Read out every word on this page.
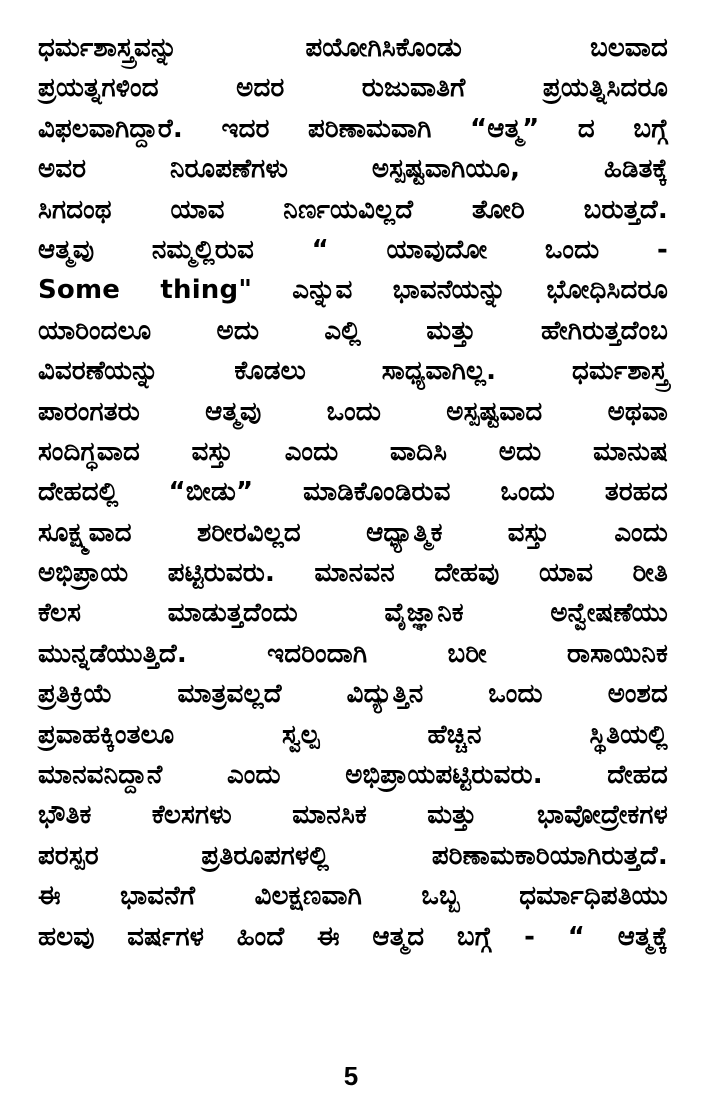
ಧರ್ಮಶಾಸ್ತ್ರವನ್ನು ಪಯೋಗಿಸಿಕೊಂಡು ಬಲವಾದ
ಪ್ರಯತ್ನಗಳಿಂದ ಅದರ ರುಜುವಾತಿಗೆ ಪ್ರಯತ್ನಿಸಿದರೂ
ವಿಫಲವಾಗಿದ್ದಾರೆ. ಇದರ ಪರಿಣಾಮವಾಗಿ “ಆತ್ಮ” ದ ಬಗ್ಗೆ
ಅವರ ನಿರೂಪಣೆಗಳು ಅಸ್ಪಷ್ಟವಾಗಿಯೂ, ಹಿಡಿತಕ್ಕೆ
ಸಿಗದಂಥ ಯಾವ ನಿರ್ಣಯವಿಲ್ಲದೆ ತೋರಿ ಬರುತ್ತದೆ.
ಆತ್ಮವು ನಮ್ಮಲ್ಲಿರುವ “ ಯಾವುದೋ ಒಂದು -
Some thing" ಎನ್ನುವ ಭಾವನೆಯನ್ನು ಭೋಧಿಸಿದರೂ
ಯಾರಿಂದಲೂ ಅದು ಎಲ್ಲಿ ಮತ್ತು ಹೇಗಿರುತ್ತದೆಂಬ
ವಿವರಣೆಯನ್ನು ಕೊಡಲು ಸಾಧ್ಯವಾಗಿಲ್ಲ. ಧರ್ಮಶಾಸ್ತ್ರ
ಪಾರಂಗತರು ಆತ್ಮವು ಒಂದು ಅಸ್ಪಷ್ಟವಾದ ಅಥವಾ
ಸಂದಿಗ್ಧವಾದ ವಸ್ತು ಎಂದು ವಾದಿಸಿ ಅದು ಮಾನುಷ
ದೇಹದಲ್ಲಿ “ಬೀಡು” ಮಾಡಿಕೊಂಡಿರುವ ಒಂದು ತರಹದ
ಸೂಕ್ಷ್ಮವಾದ ಶರೀರವಿಲ್ಲದ ಆಧ್ಯಾತ್ಮಿಕ ವಸ್ತು ಎಂದು
ಅಭಿಪ್ರಾಯ ಪಟ್ಟಿರುವರು. ಮಾನವನ ದೇಹವು ಯಾವ ರೀತಿ
ಕೆಲಸ ಮಾಡುತ್ತದೆಂದು ವೈಜ್ಞಾನಿಕ ಅನ್ವೇಷಣೆಯು
ಮುನ್ನಡೆಯುತ್ತಿದೆ. ಇದರಿಂದಾಗಿ ಬರೀ ರಾಸಾಯಿನಿಕ
ಪ್ರತಿಕ್ರಿಯೆ ಮಾತ್ರವಲ್ಲದೆ ವಿದ್ಯುತ್ತಿನ ಒಂದು ಅಂಶದ
ಪ್ರವಾಹಕ್ಕಿಂತಲೂ ಸ್ವಲ್ಪ ಹೆಚ್ಚಿನ ಸ್ಥಿತಿಯಲ್ಲಿ
ಮಾನವನಿದ್ದಾನೆ ಎಂದು ಅಭಿಪ್ರಾಯಪಟ್ಟಿರುವರು. ದೇಹದ
ಭೌತಿಕ ಕೆಲಸಗಳು ಮಾನಸಿಕ ಮತ್ತು ಭಾವೋದ್ರೇಕಗಳ
ಪರಸ್ಪರ ಪ್ರತಿರೂಪಗಳಲ್ಲಿ ಪರಿಣಾಮಕಾರಿಯಾಗಿರುತ್ತದೆ.
ಈ ಭಾವನೆಗೆ ವಿಲಕ್ಷಣವಾಗಿ ಒಬ್ಬ ಧರ್ಮಾಧಿಪತಿಯು
ಹಲವು ವರ್ಷಗಳ ಹಿಂದೆ ಈ ಆತ್ಮದ ಬಗ್ಗೆ - “ ಆತ್ಮಕ್ಕೆ
5
